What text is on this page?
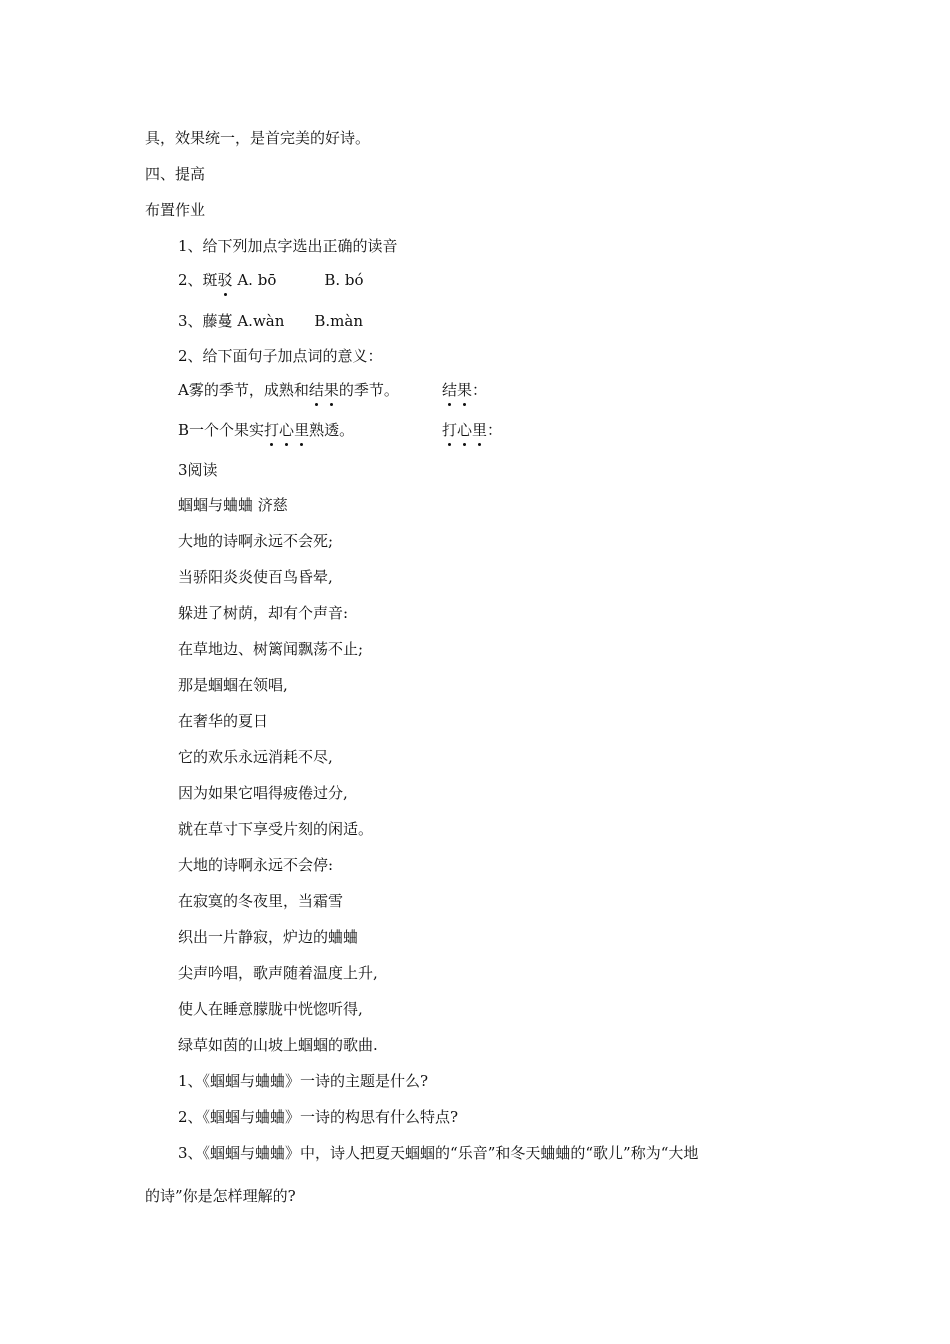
具，效果统一，是首完美的好诗。
四、提高
布置作业
1、给下列加点字选出正确的读音
2、斑驳 A. bō	B. bó
3、藤蔓 A.wàn B.màn
2、给下面句子加点词的意义：
A雾的季节，成熟和结果的季节。	结果：
B一个个果实打心里熟透。	打心里：
3阅读
蝈蝈与蛐蛐 济慈
大地的诗啊永远不会死;
当骄阳炎炎使百鸟昏晕,
躲进了树荫，却有个声音:
在草地边、树篱闻飘荡不止;
那是蝈蝈在领唱,
在奢华的夏日
它的欢乐永远消耗不尽,
因为如果它唱得疲倦过分,
就在草寸下享受片刻的闲适。
大地的诗啊永远不会停:
在寂寞的冬夜里，当霜雪
织出一片静寂，炉边的蛐蛐
尖声吟唱，歌声随着温度上升,
使人在睡意朦胧中恍惚听得,
绿草如茵的山坡上蝈蝈的歌曲.
1、《蝈蝈与蛐蛐》一诗的主题是什么?
2、《蝈蝈与蛐蛐》一诗的构思有什么特点?
3、《蝈蝈与蛐蛐》中，诗人把夏天蝈蝈的“乐音”和冬天蛐蛐的“歌儿”称为“大地
的诗”你是怎样理解的?
